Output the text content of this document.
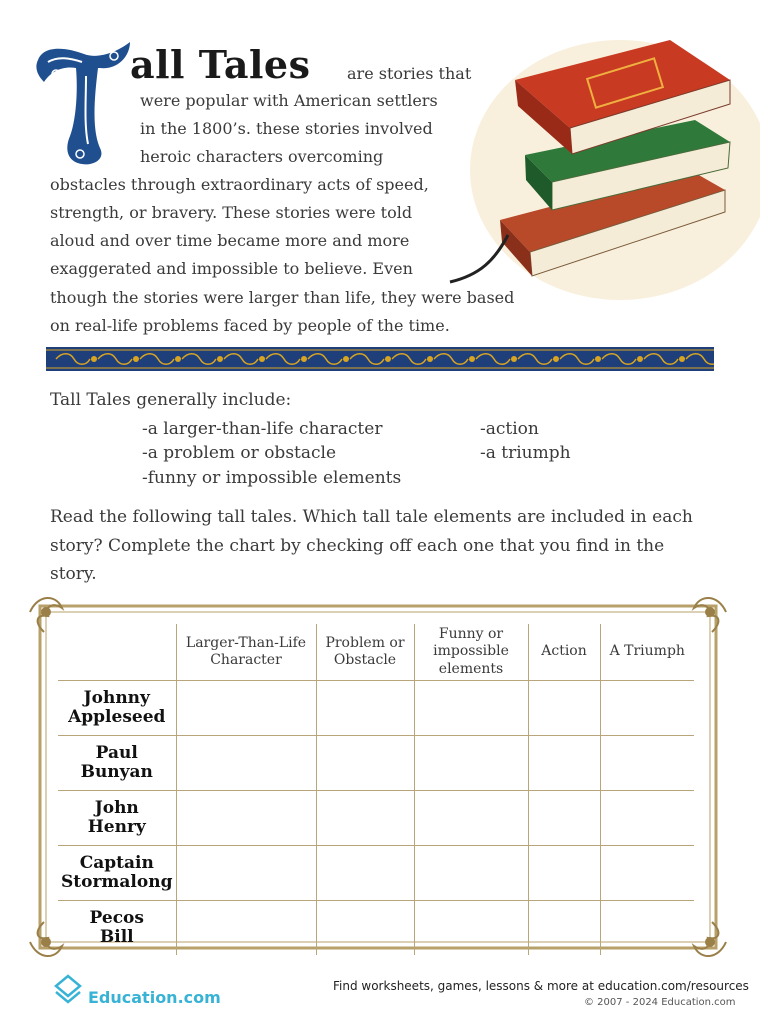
all Tales are stories that
were popular with American settlers
in the 1800’s. these stories involved
heroic characters overcoming
obstacles through extraordinary acts of speed,
strength, or bravery. These stories were told
aloud and over time became more and more
exaggerated and impossible to believe. Even
though the stories were larger than life, they were based
on real-life problems faced by people of the time.
Tall Tales generally include:
-a larger-than-life character
-a problem or obstacle
-funny or impossible elements
-action
-a triumph
Read the following tall tales. Which tall tale elements are included in each
story? Complete the chart by checking off each one that you find in the
story.
	Larger-Than-Life Character	Problem or Obstacle	Funny or impossible elements	Action	A Triumph

Johnny
Appleseed					

Paul
Bunyan					

John
Henry					

Captain
Stormalong					

Pecos
Bill					

Education.com
Find worksheets, games, lessons & more at education.com/resources
© 2007 - 2024 Education.com
